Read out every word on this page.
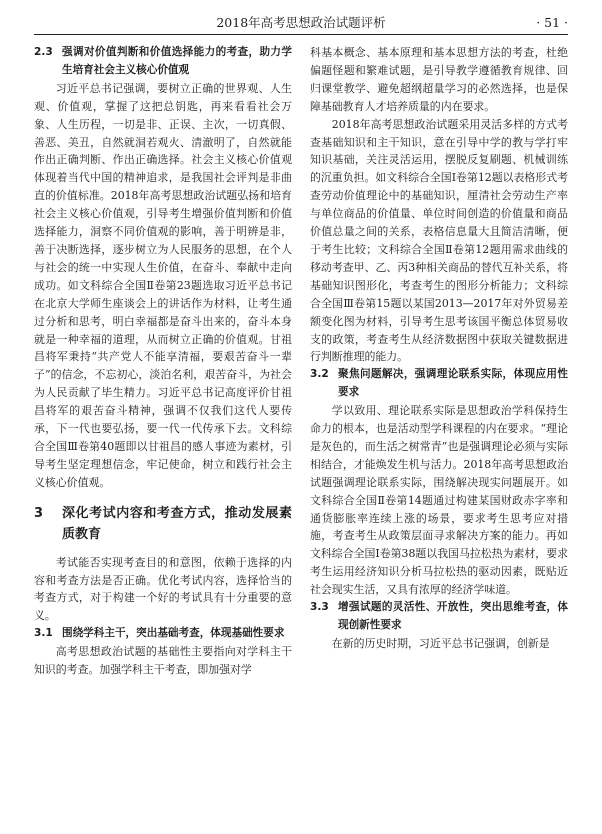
2018年高考思想政治试题评析	· 51 ·
2.3 强调对价值判断和价值选择能力的考查，助力学生培育社会主义核心价值观

习近平总书记强调，要树立正确的世界观、人生观、价值观，掌握了这把总钥匙，再来看看社会万象、人生历程，一切是非、正误、主次，一切真假、善恶、美丑，自然就洞若观火、清澈明了，自然就能作出正确判断、作出正确选择。社会主义核心价值观体现着当代中国的精神追求，是我国社会评判是非曲直的价值标准。2018年高考思想政治试题弘扬和培育社会主义核心价值观，引导考生增强价值判断和价值选择能力，洞察不同价值观的影响，善于明辨是非，善于决断选择，逐步树立为人民服务的思想，在个人与社会的统一中实现人生价值，在奋斗、奉献中走向成功。如文科综合全国Ⅱ卷第23题选取习近平总书记在北京大学师生座谈会上的讲话作为材料，让考生通过分析和思考，明白幸福都是奋斗出来的，奋斗本身就是一种幸福的道理，从而树立正确的价值观。甘祖昌将军秉持“共产党人不能享清福，要艰苦奋斗一辈子”的信念，不忘初心，淡泊名利，艰苦奋斗，为社会为人民贡献了毕生精力。习近平总书记高度评价甘祖昌将军的艰苦奋斗精神，强调不仅我们这代人要传承，下一代也要弘扬，要一代一代传承下去。文科综合全国Ⅲ卷第40题即以甘祖昌的感人事迹为素材，引导考生坚定理想信念，牢记使命，树立和践行社会主义核心价值观。

3 深化考试内容和考查方式，推动发展素质教育

考试能否实现考查目的和意图，依赖于选择的内容和考查方法是否正确。优化考试内容，选择恰当的考查方式，对于构建一个好的考试具有十分重要的意义。

3.1 围绕学科主干，突出基础考查，体现基础性要求

高考思想政治试题的基础性主要指向对学科主干知识的考查。加强学科主干考查，即加强对学

科基本概念、基本原理和基本思想方法的考查，杜绝偏题怪题和繁难试题，是引导教学遵循教育规律、回归课堂教学、避免超纲超量学习的必然选择，也是保障基础教育人才培养质量的内在要求。

2018年高考思想政治试题采用灵活多样的方式考查基础知识和主干知识，意在引导中学的教与学打牢知识基础，关注灵活运用，摆脱反复刷题、机械训练的沉重负担。如文科综合全国Ⅰ卷第12题以表格形式考查劳动价值理论中的基础知识，厘清社会劳动生产率与单位商品的价值量、单位时间创造的价值量和商品价值总量之间的关系，表格信息量大且简洁清晰，便于考生比较；文科综合全国Ⅱ卷第12题用需求曲线的移动考查甲、乙、丙3种相关商品的替代互补关系，将基础知识图形化，考查考生的图形分析能力；文科综合全国Ⅲ卷第15题以某国2013—2017年对外贸易差额变化图为材料，引导考生思考该国平衡总体贸易收支的政策，考查考生从经济数据图中获取关键数据进行判断推理的能力。

3.2 聚焦问题解决，强调理论联系实际，体现应用性要求

学以致用、理论联系实际是思想政治学科保持生命力的根本，也是活动型学科课程的内在要求。“理论是灰色的，而生活之树常青”也是强调理论必须与实际相结合，才能焕发生机与活力。2018年高考思想政治试题强调理论联系实际，围绕解决现实问题展开。如文科综合全国Ⅱ卷第14题通过构建某国财政赤字率和通货膨胀率连续上涨的场景，要求考生思考应对措施，考查考生从政策层面寻求解决方案的能力。再如文科综合全国Ⅰ卷第38题以我国马拉松热为素材，要求考生运用经济知识分析马拉松热的驱动因素，既贴近社会现实生活，又具有浓厚的经济学味道。

3.3 增强试题的灵活性、开放性，突出思维考查，体现创新性要求

在新的历史时期，习近平总书记强调，创新是
